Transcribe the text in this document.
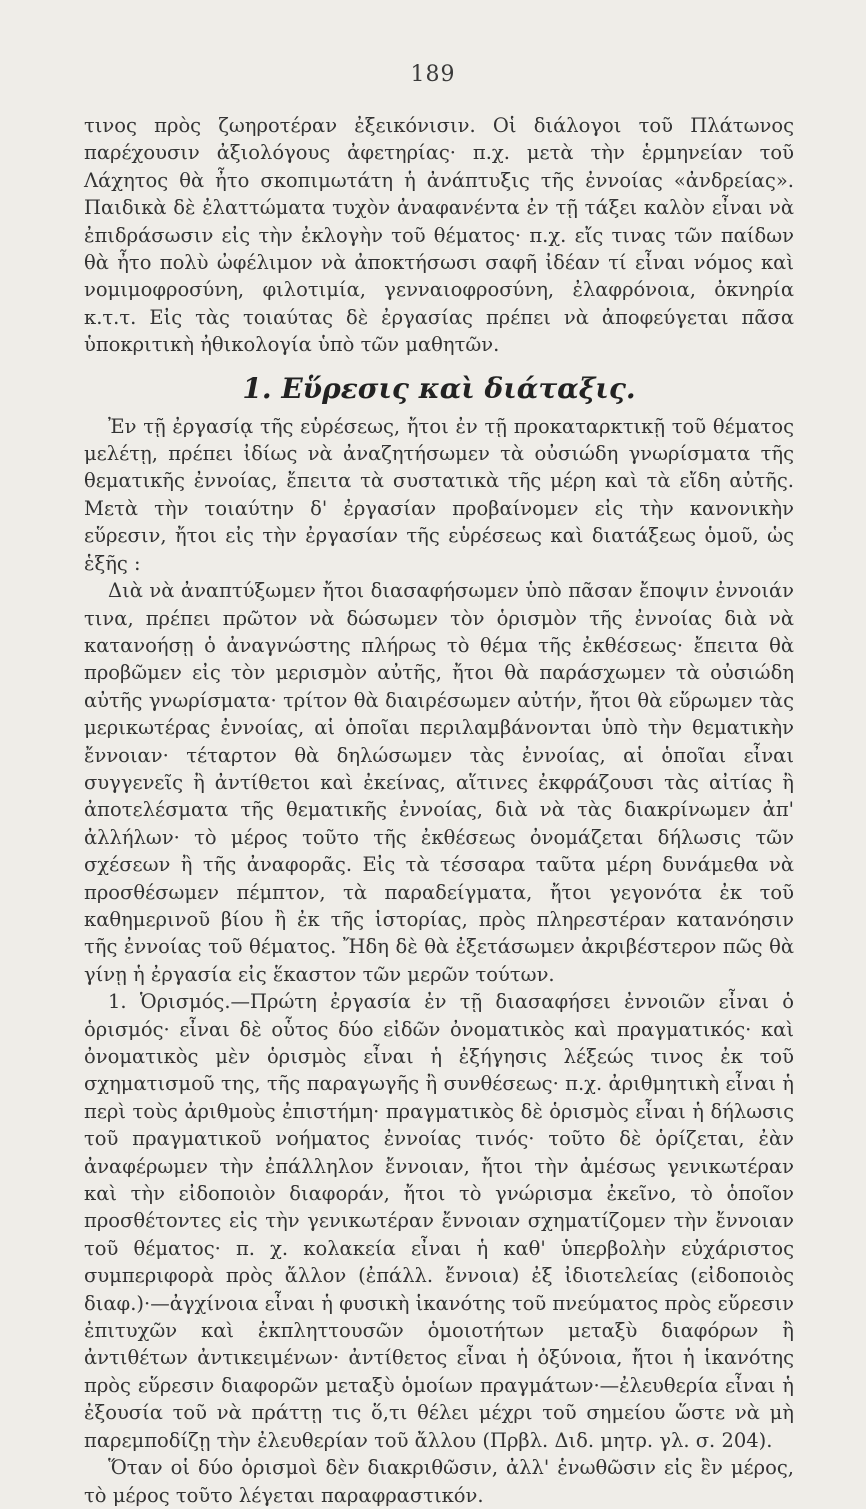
189

τινος πρὸς ζωηροτέραν ἐξεικόνισιν. Οἱ διάλογοι τοῦ Πλάτωνος παρέχουσιν ἀξιολόγους ἀφετηρίας· π.χ. μετὰ τὴν ἑρμηνείαν τοῦ Λάχητος θὰ ἦτο σκοπιμωτάτη ἡ ἀνάπτυξις τῆς ἐννοίας «ἀνδρείας». Παιδικὰ δὲ ἐλαττώματα τυχὸν ἀναφανέντα ἐν τῇ τάξει καλὸν εἶναι νὰ ἐπιδράσωσιν εἰς τὴν ἐκλογὴν τοῦ θέματος· π.χ. εἴς τινας τῶν παίδων θὰ ἦτο πολὺ ὠφέλιμον νὰ ἀποκτήσωσι σαφῆ ἰδέαν τί εἶναι νόμος καὶ νομιμοφροσύνη, φιλοτιμία, γενναιοφροσύνη, ἐλαφρόνοια, ὀκνηρία κ.τ.τ. Εἰς τὰς τοιαύτας δὲ ἐργασίας πρέπει νὰ ἀποφεύγεται πᾶσα ὑποκριτικὴ ἠθικολογία ὑπὸ τῶν μαθητῶν.

1. Εὕρεσις καὶ διάταξις.

Ἐν τῇ ἐργασίᾳ τῆς εὑρέσεως, ἤτοι ἐν τῇ προκαταρκτικῇ τοῦ θέματος μελέτῃ, πρέπει ἰδίως νὰ ἀναζητήσωμεν τὰ οὐσιώδη γνωρίσματα τῆς θεματικῆς ἐννοίας, ἔπειτα τὰ συστατικὰ τῆς μέρη καὶ τὰ εἴδη αὐτῆς. Μετὰ τὴν τοιαύτην δ' ἐργασίαν προβαίνομεν εἰς τὴν κανονικὴν εὕρεσιν, ἤτοι εἰς τὴν ἐργασίαν τῆς εὑρέσεως καὶ διατάξεως ὁμοῦ, ὡς ἑξῆς :

Διὰ νὰ ἀναπτύξωμεν ἤτοι διασαφήσωμεν ὑπὸ πᾶσαν ἔποψιν ἐννοιάν τινα, πρέπει πρῶτον νὰ δώσωμεν τὸν ὁρισμὸν τῆς ἐννοίας διὰ νὰ κατανοήσῃ ὁ ἀναγνώστης πλήρως τὸ θέμα τῆς ἐκθέσεως· ἔπειτα θὰ προβῶμεν εἰς τὸν μερισμὸν αὐτῆς, ἤτοι θὰ παράσχωμεν τὰ οὐσιώδη αὐτῆς γνωρίσματα· τρίτον θὰ διαιρέσωμεν αὐτήν, ἤτοι θὰ εὕρωμεν τὰς μερικωτέρας ἐννοίας, αἱ ὁποῖαι περιλαμβάνονται ὑπὸ τὴν θεματικὴν ἔννοιαν· τέταρτον θὰ δηλώσωμεν τὰς ἐννοίας, αἱ ὁποῖαι εἶναι συγγενεῖς ἢ ἀντίθετοι καὶ ἐκείνας, αἵτινες ἐκφράζουσι τὰς αἰτίας ἢ ἀποτελέσματα τῆς θεματικῆς ἐννοίας, διὰ νὰ τὰς διακρίνωμεν ἀπ' ἀλλήλων· τὸ μέρος τοῦτο τῆς ἐκθέσεως ὀνομάζεται δήλωσις τῶν σχέσεων ἢ τῆς ἀναφορᾶς. Εἰς τὰ τέσσαρα ταῦτα μέρη δυνάμεθα νὰ προσθέσωμεν πέμπτον, τὰ παραδείγματα, ἤτοι γεγονότα ἐκ τοῦ καθημερινοῦ βίου ἢ ἐκ τῆς ἱστορίας, πρὸς πληρεστέραν κατανόησιν τῆς ἐννοίας τοῦ θέματος. Ἤδη δὲ θὰ ἐξετάσωμεν ἀκριβέστερον πῶς θὰ γίνῃ ἡ ἐργασία εἰς ἕκαστον τῶν μερῶν τούτων.

1. Ὁρισμός.—Πρώτη ἐργασία ἐν τῇ διασαφήσει ἐννοιῶν εἶναι ὁ ὁρισμός· εἶναι δὲ οὗτος δύο εἰδῶν ὀνοματικὸς καὶ πραγματικός· καὶ ὀνοματικὸς μὲν ὁρισμὸς εἶναι ἡ ἐξήγησις λέξεώς τινος ἐκ τοῦ σχηματισμοῦ της, τῆς παραγωγῆς ἢ συνθέσεως· π.χ. ἀριθμητικὴ εἶναι ἡ περὶ τοὺς ἀριθμοὺς ἐπιστήμη· πραγματικὸς δὲ ὁρισμὸς εἶναι ἡ δήλωσις τοῦ πραγματικοῦ νοήματος ἐννοίας τινός· τοῦτο δὲ ὁρίζεται, ἐὰν ἀναφέρωμεν τὴν ἐπάλληλον ἔννοιαν, ἤτοι τὴν ἀμέσως γενικωτέραν καὶ τὴν εἰδοποιὸν διαφοράν, ἤτοι τὸ γνώρισμα ἐκεῖνο, τὸ ὁποῖον προσθέτοντες εἰς τὴν γενικωτέραν ἔννοιαν σχηματίζομεν τὴν ἔννοιαν τοῦ θέματος· π. χ. κολακεία εἶναι ἡ καθ' ὑπερβολὴν εὐχάριστος συμπεριφορὰ πρὸς ἄλλον (ἐπάλλ. ἔννοια) ἐξ ἰδιοτελείας (εἰδοποιὸς διαφ.)·—ἀγχίνοια εἶναι ἡ φυσικὴ ἱκανότης τοῦ πνεύματος πρὸς εὕρεσιν ἐπιτυχῶν καὶ ἐκπληττουσῶν ὁμοιοτήτων μεταξὺ διαφόρων ἢ ἀντιθέτων ἀντικειμένων· ἀντίθετος εἶναι ἡ ὀξύνοια, ἤτοι ἡ ἱκανότης πρὸς εὕρεσιν διαφορῶν μεταξὺ ὁμοίων πραγμάτων·—ἐλευθερία εἶναι ἡ ἐξουσία τοῦ νὰ πράττῃ τις ὅ,τι θέλει μέχρι τοῦ σημείου ὥστε νὰ μὴ παρεμποδίζῃ τὴν ἐλευθερίαν τοῦ ἄλλου (Πρβλ. Διδ. μητρ. γλ. σ. 204).

Ὅταν οἱ δύο ὁρισμοὶ δὲν διακριθῶσιν, ἀλλ' ἑνωθῶσιν εἰς ἓν μέρος, τὸ μέρος τοῦτο λέγεται παραφραστικόν.
